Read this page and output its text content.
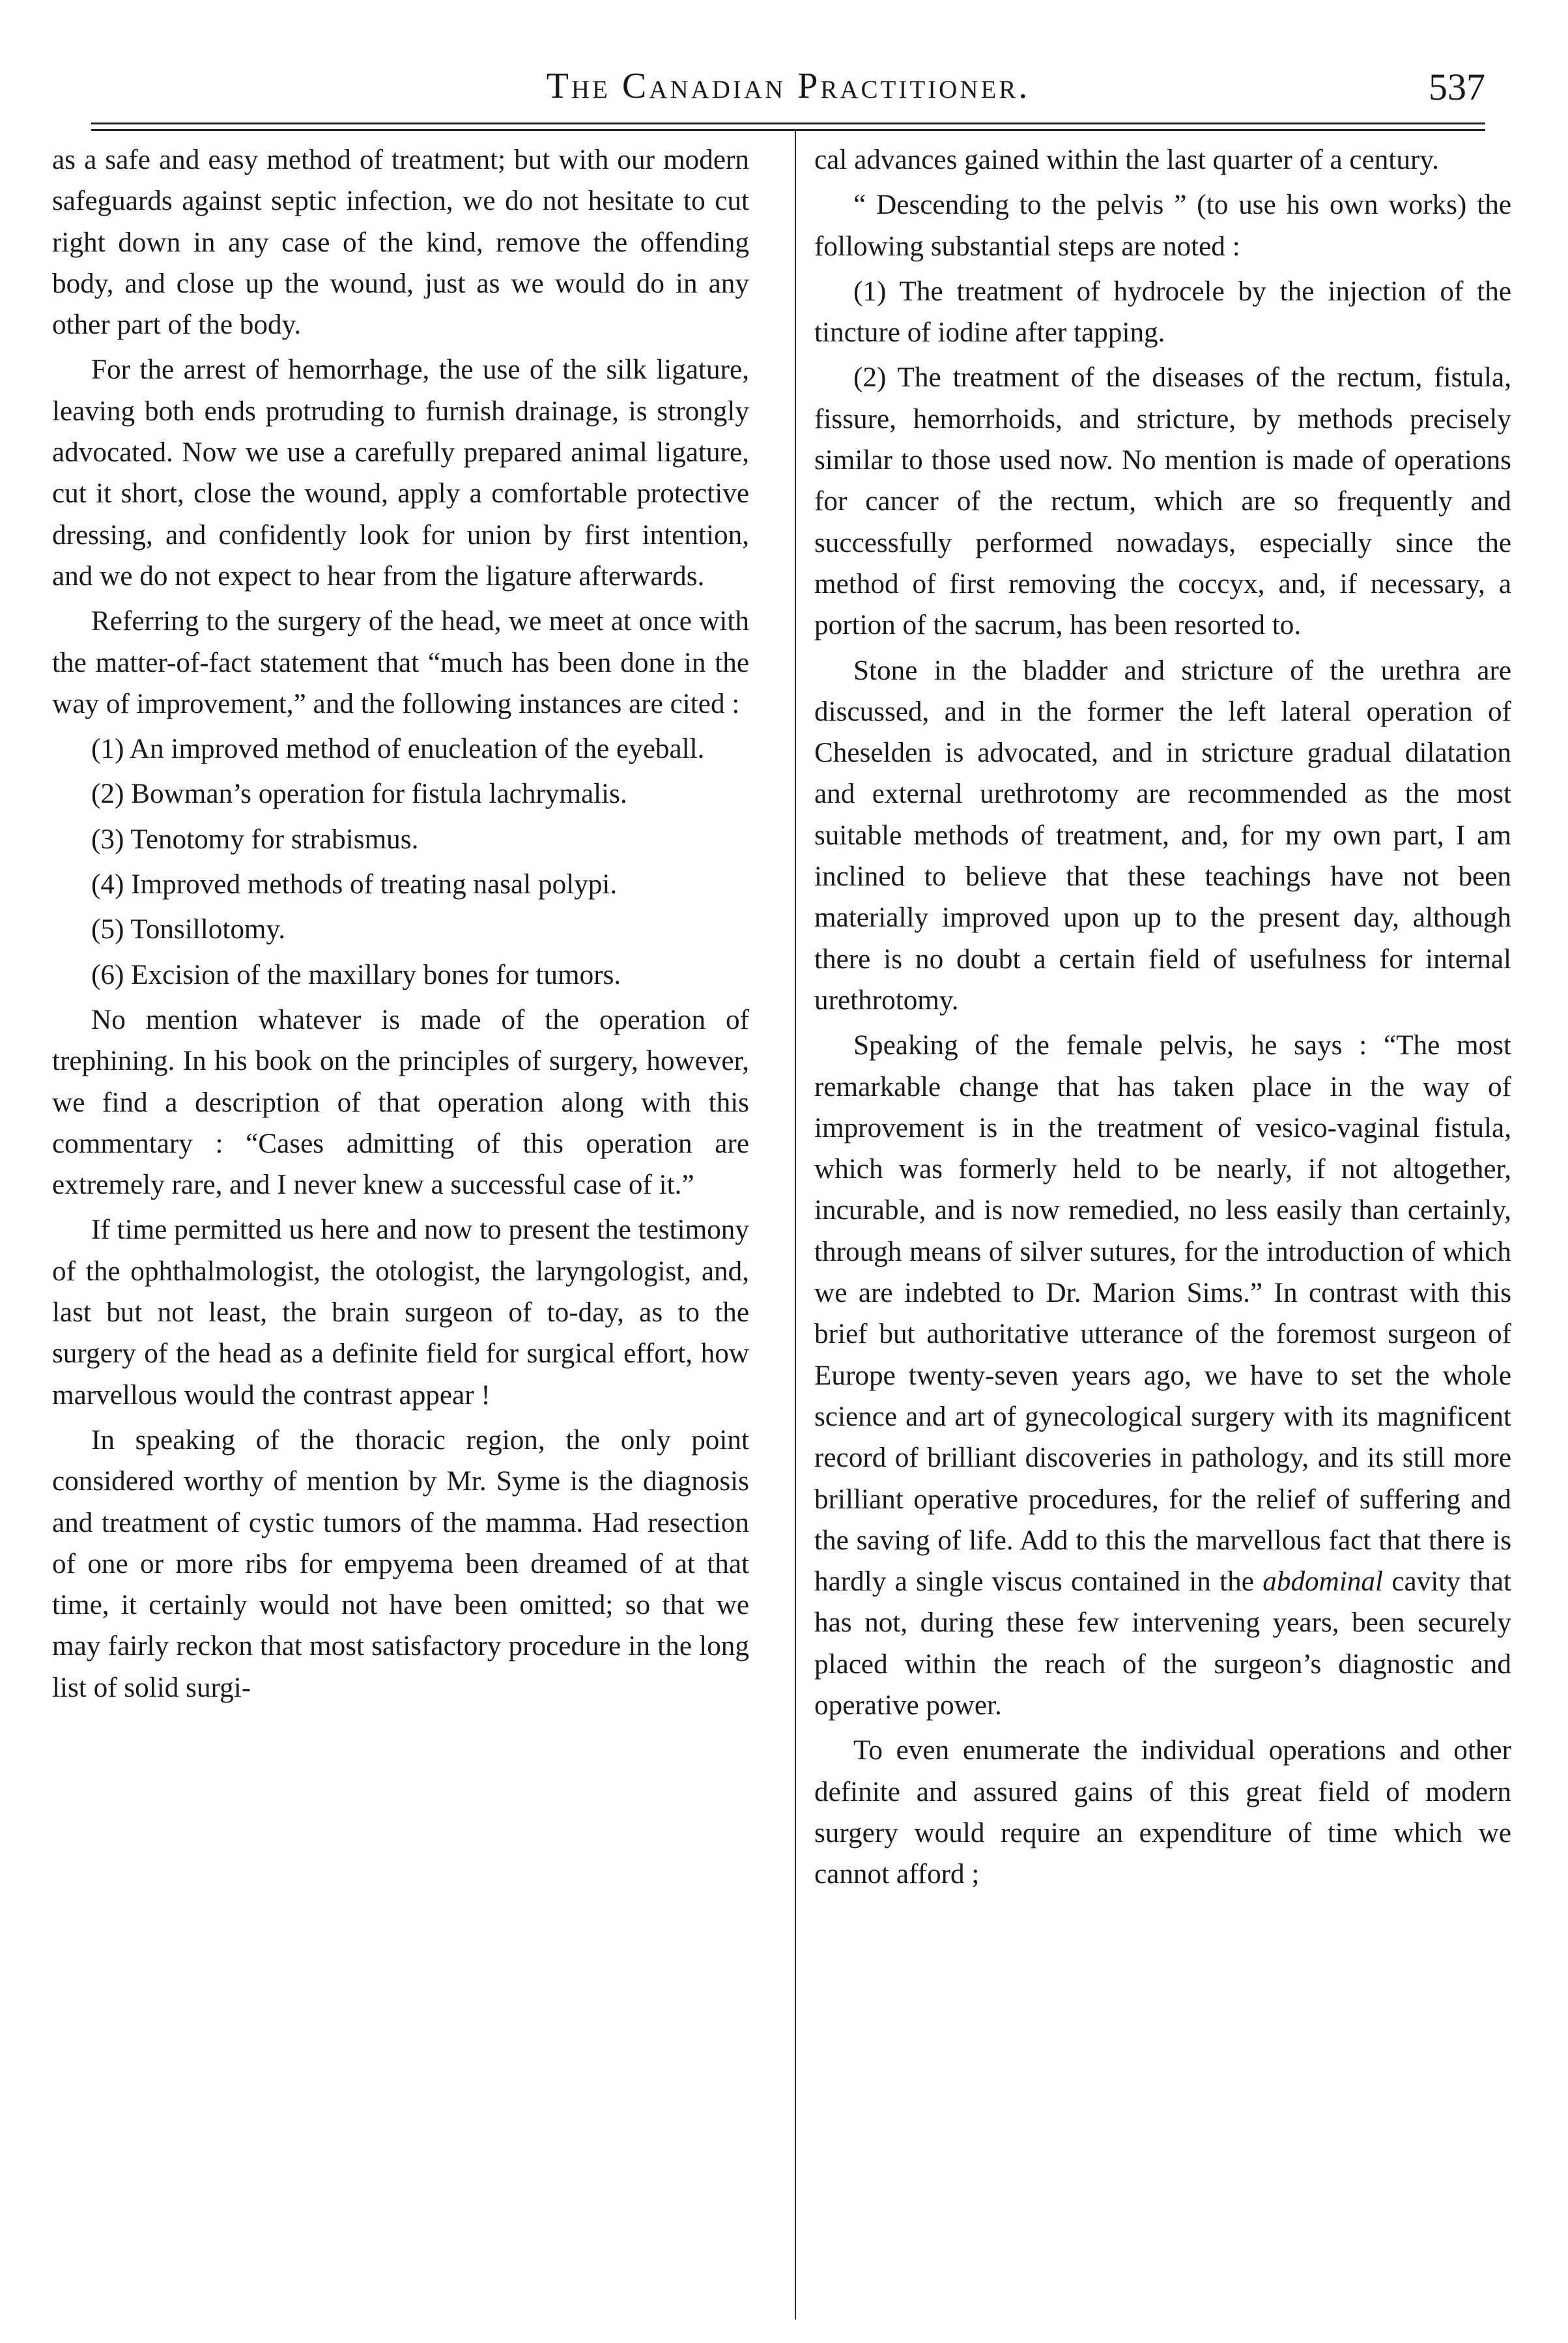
The Canadian Practitioner.	537

as a safe and easy method of treatment; but with our modern safeguards against septic infection, we do not hesitate to cut right down in any case of the kind, remove the offending body, and close up the wound, just as we would do in any other part of the body.

For the arrest of hemorrhage, the use of the silk ligature, leaving both ends protruding to furnish drainage, is strongly advocated. Now we use a carefully prepared animal ligature, cut it short, close the wound, apply a comfortable protective dressing, and confidently look for union by first intention, and we do not expect to hear from the ligature afterwards.

Referring to the surgery of the head, we meet at once with the matter-of-fact statement that “much has been done in the way of improvement,” and the following instances are cited :

(1) An improved method of enucleation of the eyeball.

(2) Bowman’s operation for fistula lachrymalis.

(3) Tenotomy for strabismus.

(4) Improved methods of treating nasal polypi.

(5) Tonsillotomy.

(6) Excision of the maxillary bones for tumors.

No mention whatever is made of the operation of trephining. In his book on the principles of surgery, however, we find a description of that operation along with this commentary : “Cases admitting of this operation are extremely rare, and I never knew a successful case of it.”

If time permitted us here and now to present the testimony of the ophthalmologist, the otologist, the laryngologist, and, last but not least, the brain surgeon of to-day, as to the surgery of the head as a definite field for surgical effort, how marvellous would the contrast appear !

In speaking of the thoracic region, the only point considered worthy of mention by Mr. Syme is the diagnosis and treatment of cystic tumors of the mamma. Had resection of one or more ribs for empyema been dreamed of at that time, it certainly would not have been omitted; so that we may fairly reckon that most satisfactory procedure in the long list of solid surgi-

cal advances gained within the last quarter of a century.

“ Descending to the pelvis ” (to use his own works) the following substantial steps are noted :

(1) The treatment of hydrocele by the injection of the tincture of iodine after tapping.

(2) The treatment of the diseases of the rectum, fistula, fissure, hemorrhoids, and stricture, by methods precisely similar to those used now. No mention is made of operations for cancer of the rectum, which are so frequently and successfully performed nowadays, especially since the method of first removing the coccyx, and, if necessary, a portion of the sacrum, has been resorted to.

Stone in the bladder and stricture of the urethra are discussed, and in the former the left lateral operation of Cheselden is advocated, and in stricture gradual dilatation and external urethrotomy are recommended as the most suitable methods of treatment, and, for my own part, I am inclined to believe that these teachings have not been materially improved upon up to the present day, although there is no doubt a certain field of usefulness for internal urethrotomy.

Speaking of the female pelvis, he says : “The most remarkable change that has taken place in the way of improvement is in the treatment of vesico-vaginal fistula, which was formerly held to be nearly, if not altogether, incurable, and is now remedied, no less easily than certainly, through means of silver sutures, for the introduction of which we are indebted to Dr. Marion Sims.” In contrast with this brief but authoritative utterance of the foremost surgeon of Europe twenty-seven years ago, we have to set the whole science and art of gynecological surgery with its magnificent record of brilliant discoveries in pathology, and its still more brilliant operative procedures, for the relief of suffering and the saving of life. Add to this the marvellous fact that there is hardly a single viscus contained in the abdominal cavity that has not, during these few intervening years, been securely placed within the reach of the surgeon’s diagnostic and operative power.

To even enumerate the individual operations and other definite and assured gains of this great field of modern surgery would require an expenditure of time which we cannot afford ;
